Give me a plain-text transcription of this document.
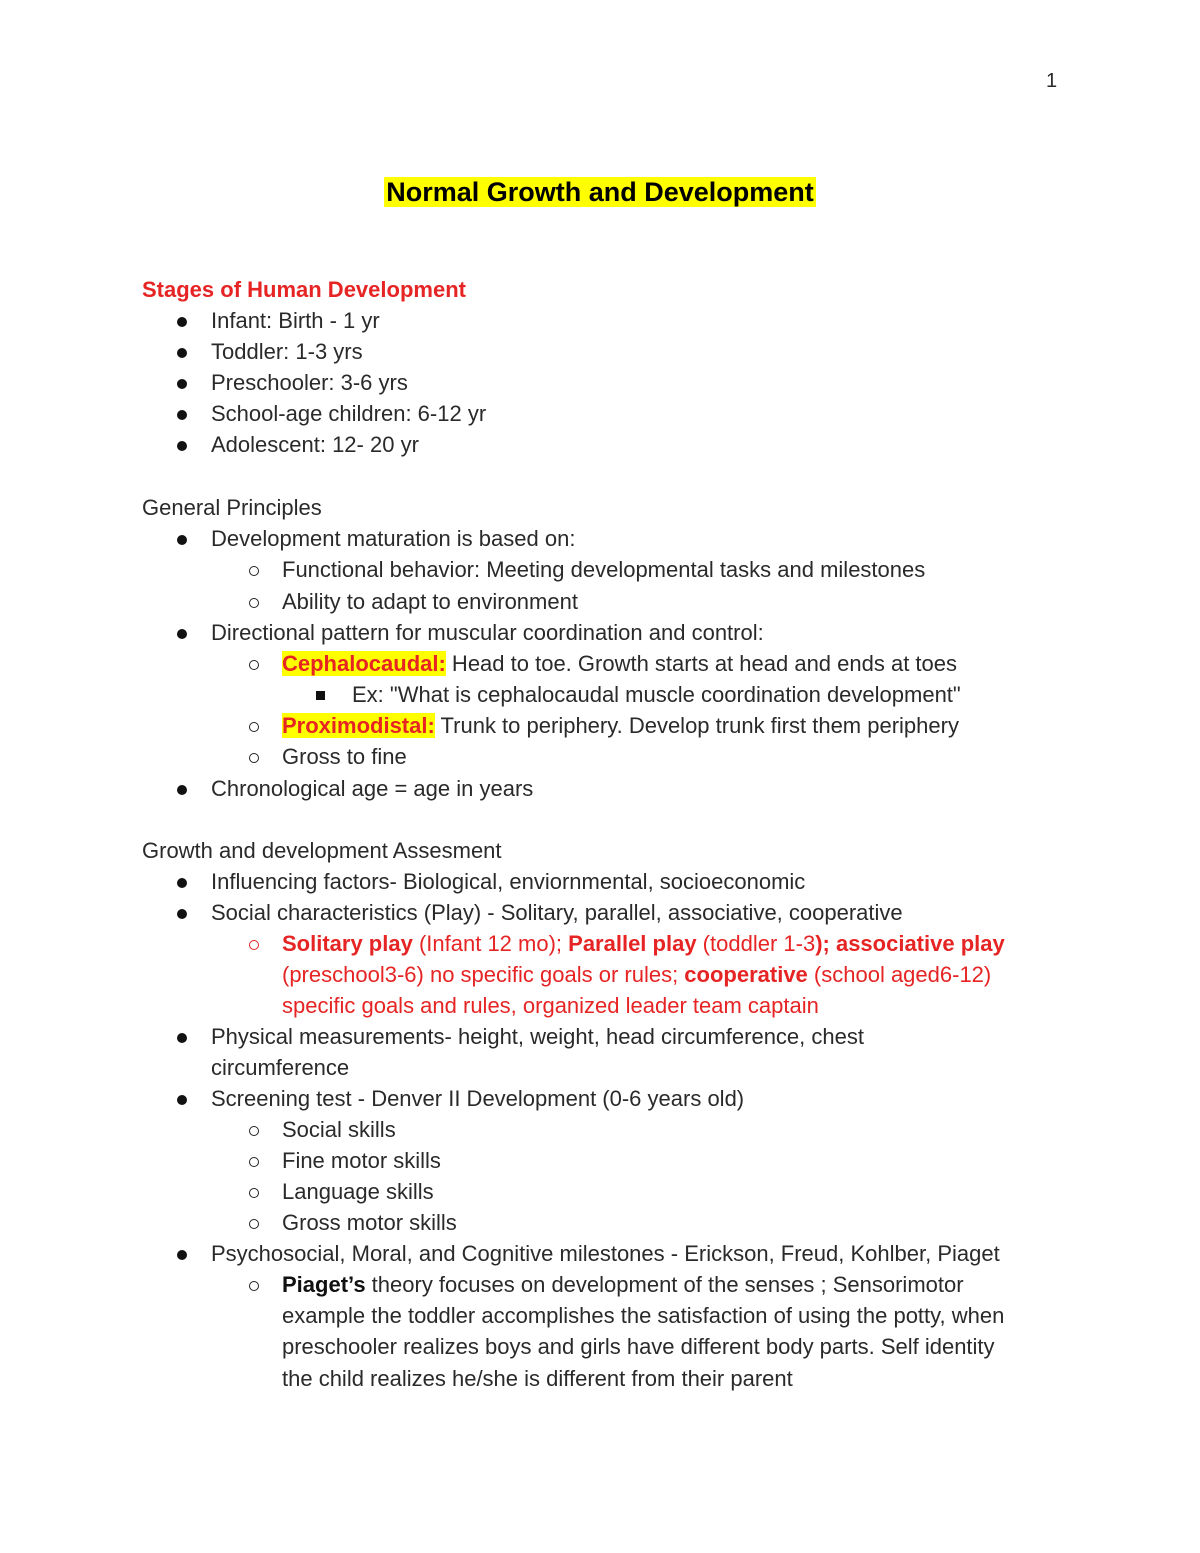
1
Normal Growth and Development
Stages of Human Development
Infant: Birth - 1 yr
Toddler: 1-3 yrs
Preschooler: 3-6 yrs
School-age children: 6-12 yr
Adolescent: 12- 20 yr
General Principles
Development maturation is based on:
Functional behavior: Meeting developmental tasks and milestones
Ability to adapt to environment
Directional pattern for muscular coordination and control:
Cephalocaudal: Head to toe. Growth starts at head and ends at toes
Ex: "What is cephalocaudal muscle coordination development"
Proximodistal: Trunk to periphery. Develop trunk first them periphery
Gross to fine
Chronological age = age in years
Growth and development Assesment
Influencing factors- Biological, enviornmental, socioeconomic
Social characteristics (Play) - Solitary, parallel, associative, cooperative
Solitary play (Infant 12 mo); Parallel play (toddler 1-3); associative play
(preschool3-6) no specific goals or rules; cooperative (school aged6-12)
specific goals and rules, organized leader team captain
Physical measurements- height, weight, head circumference, chest
circumference
Screening test - Denver II Development (0-6 years old)
Social skills
Fine motor skills
Language skills
Gross motor skills
Psychosocial, Moral, and Cognitive milestones - Erickson, Freud, Kohlber, Piaget
Piaget’s theory focuses on development of the senses ; Sensorimotor
example the toddler accomplishes the satisfaction of using the potty, when
preschooler realizes boys and girls have different body parts. Self identity
the child realizes he/she is different from their parent
